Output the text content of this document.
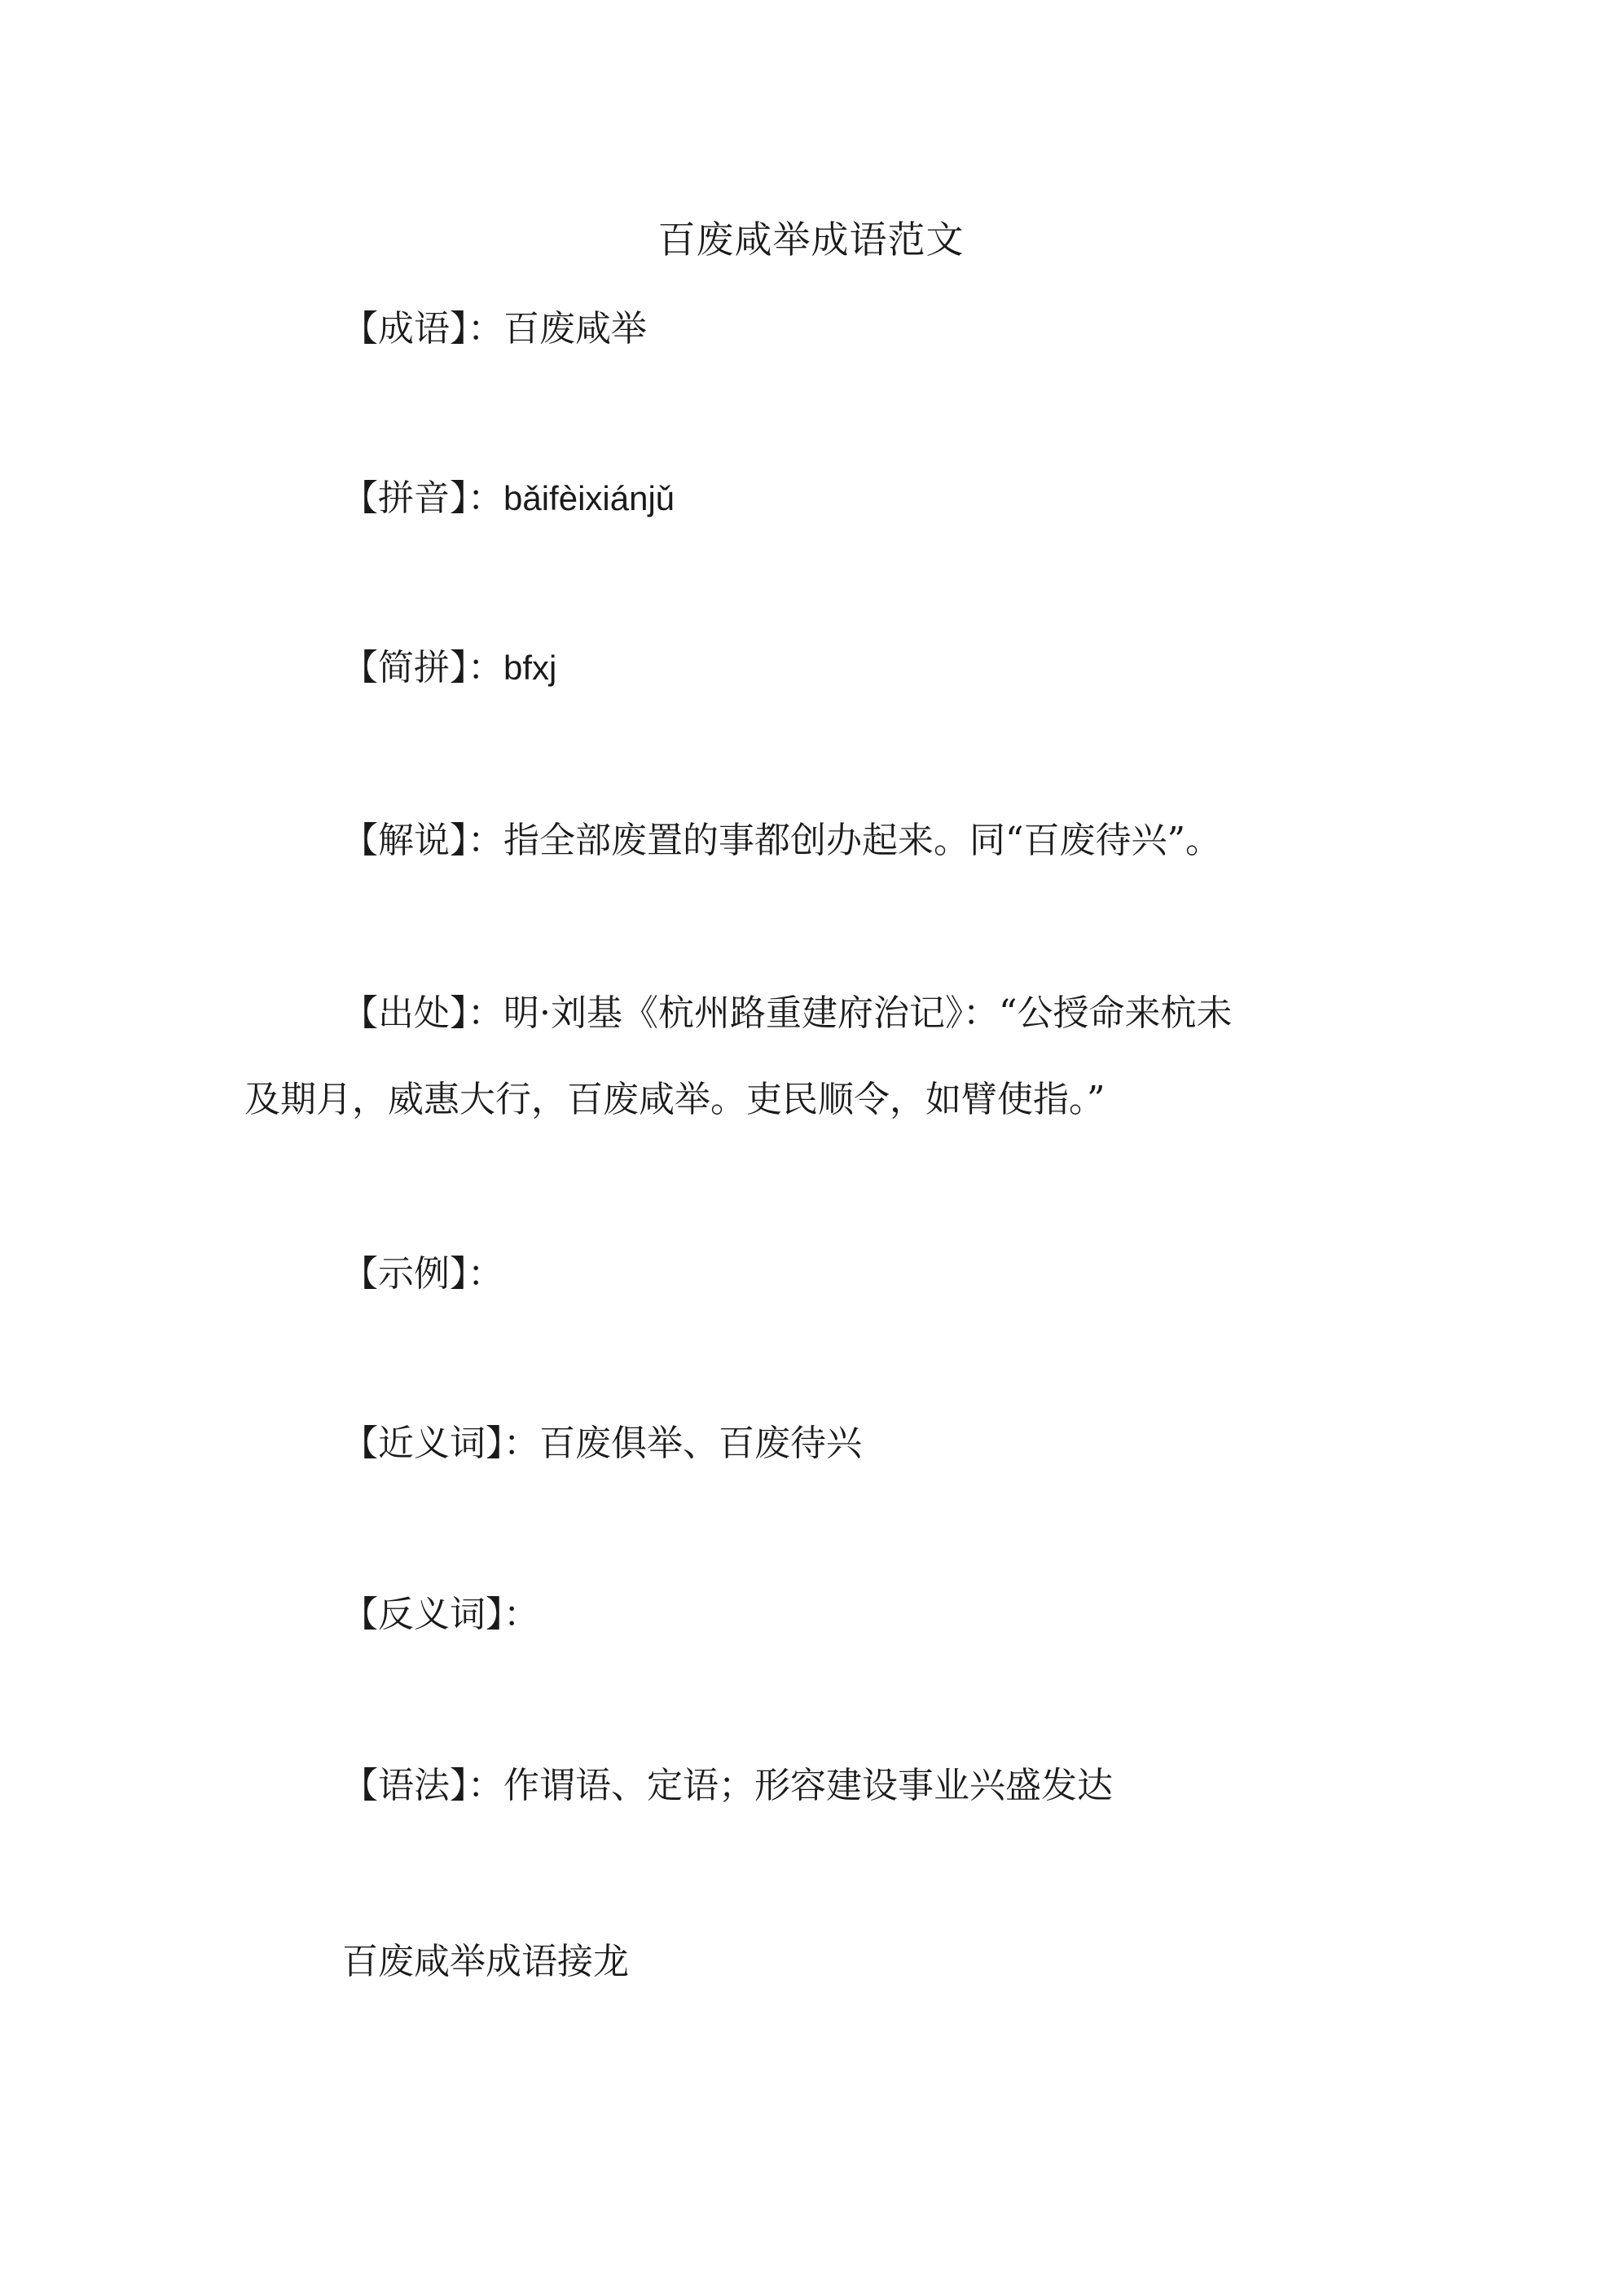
百废咸举成语范文
【成语】：百废咸举
【拼音】：bǎifèixiánjǔ
【简拼】：bfxj
【解说】：指全部废置的事都创办起来。同“百废待兴”。
【出处】：明·刘基《杭州路重建府治记》：“公授命来杭未
及期月，威惠大行，百废咸举。吏民顺令，如臂使指。”
【示例】：
【近义词】：百废俱举、百废待兴
【反义词】：
【语法】：作谓语、定语；形容建设事业兴盛发达
百废咸举成语接龙
